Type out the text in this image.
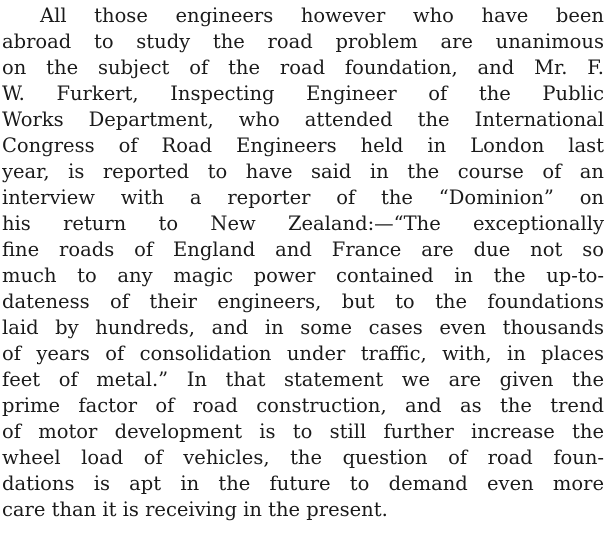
All those engineers however who have been
abroad to study the road problem are unanimous
on the subject of the road foundation, and Mr. F.
W. Furkert, Inspecting Engineer of the Public
Works Department, who attended the International
Congress of Road Engineers held in London last
year, is reported to have said in the course of an
interview with a reporter of the “Dominion” on
his return to New Zealand:—“The exceptionally
fine roads of England and France are due not so
much to any magic power contained in the up-to-
dateness of their engineers, but to the foundations
laid by hundreds, and in some cases even thousands
of years of consolidation under traffic, with, in places
feet of metal.” In that statement we are given the
prime factor of road construction, and as the trend
of motor development is to still further increase the
wheel load of vehicles, the question of road foun-
dations is apt in the future to demand even more
care than it is receiving in the present.
